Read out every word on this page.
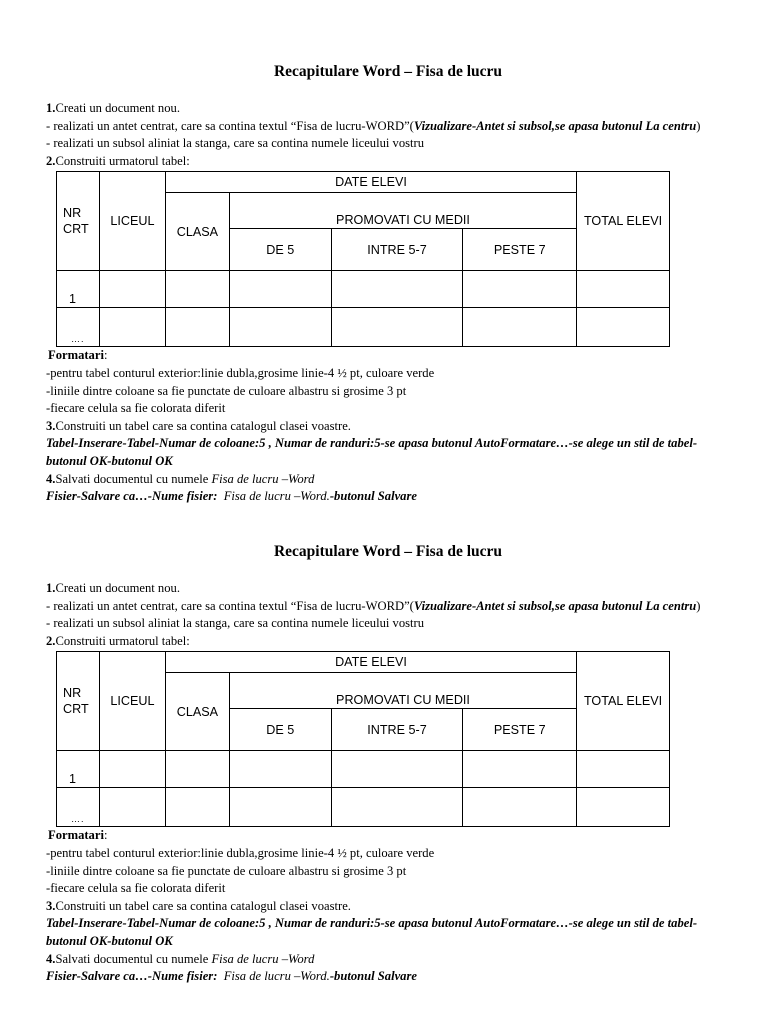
Recapitulare Word – Fisa de lucru
1.Creati un document nou.
- realizati un antet centrat, care sa contina textul “Fisa de lucru-WORD”(Vizualizare-Antet si subsol,se apasa butonul La centru)
- realizati un subsol aliniat la stanga, care sa contina numele liceului vostru
2.Construiti urmatorul tabel:
NR CRT	LICEUL	DATE ELEVI				TOTAL ELEVI
		CLASA	PROMOVATI CU MEDII			
			DE 5	INTRE 5-7	PESTE 7	
1						
….						
Formatari:
-pentru tabel conturul exterior:linie dubla,grosime linie-4 ½ pt, culoare verde
-liniile dintre coloane sa fie punctate de culoare albastru si grosime 3 pt
-fiecare celula sa fie colorata diferit
3.Construiti un tabel care sa contina catalogul clasei voastre.
Tabel-Inserare-Tabel-Numar de coloane:5 , Numar de randuri:5-se apasa butonul AutoFormatare…-se alege un stil de tabel-butonul OK-butonul OK
4.Salvati documentul cu numele Fisa de lucru –Word
Fisier-Salvare ca…-Nume fisier:  Fisa de lucru –Word.-butonul Salvare
Recapitulare Word – Fisa de lucru
1.Creati un document nou.
- realizati un antet centrat, care sa contina textul “Fisa de lucru-WORD”(Vizualizare-Antet si subsol,se apasa butonul La centru)
- realizati un subsol aliniat la stanga, care sa contina numele liceului vostru
2.Construiti urmatorul tabel:
NR CRT	LICEUL	DATE ELEVI				TOTAL ELEVI
		CLASA	PROMOVATI CU MEDII			
			DE 5	INTRE 5-7	PESTE 7	
1						
….						
Formatari:
-pentru tabel conturul exterior:linie dubla,grosime linie-4 ½ pt, culoare verde
-liniile dintre coloane sa fie punctate de culoare albastru si grosime 3 pt
-fiecare celula sa fie colorata diferit
3.Construiti un tabel care sa contina catalogul clasei voastre.
Tabel-Inserare-Tabel-Numar de coloane:5 , Numar de randuri:5-se apasa butonul AutoFormatare…-se alege un stil de tabel-butonul OK-butonul OK
4.Salvati documentul cu numele Fisa de lucru –Word
Fisier-Salvare ca…-Nume fisier:  Fisa de lucru –Word.-butonul Salvare
